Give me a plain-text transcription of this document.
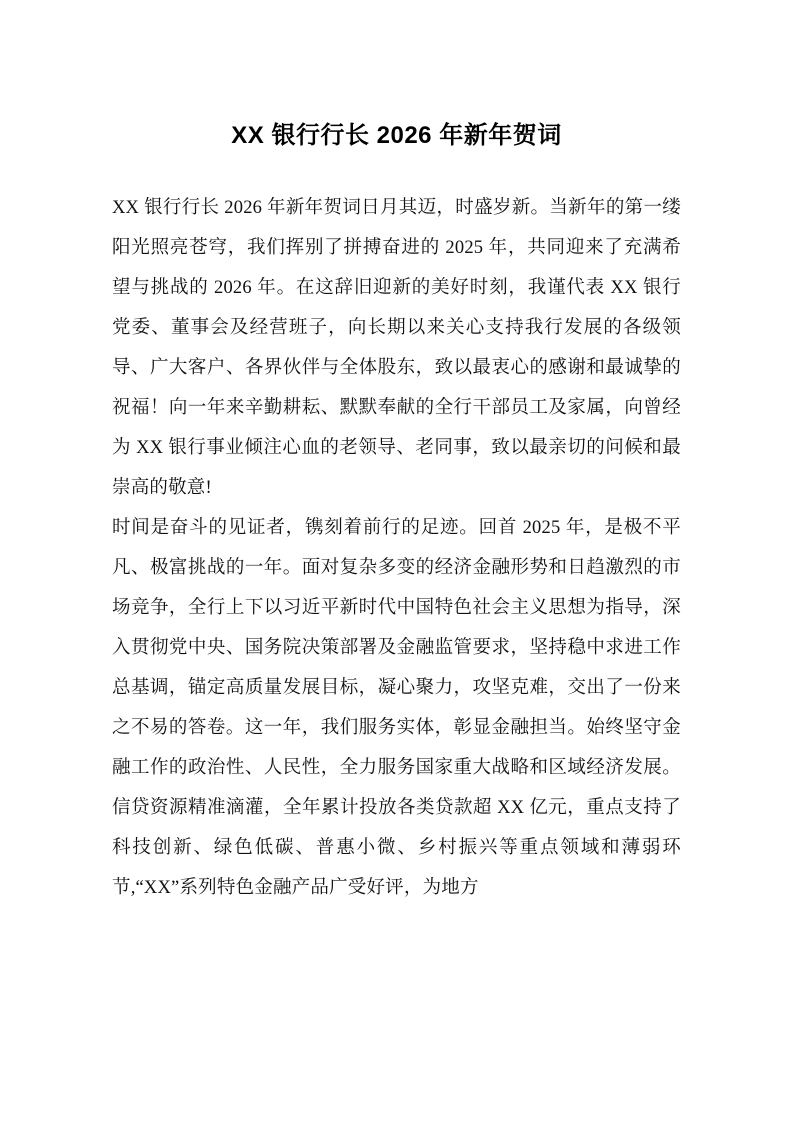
XX 银行行长 2026 年新年贺词

XX 银行行长 2026 年新年贺词日月其迈，时盛岁新。当新年的第一缕阳光照亮苍穹，我们挥别了拼搏奋进的 2025 年，共同迎来了充满希望与挑战的 2026 年。在这辞旧迎新的美好时刻，我谨代表 XX 银行党委、董事会及经营班子，向长期以来关心支持我行发展的各级领导、广大客户、各界伙伴与全体股东，致以最衷心的感谢和最诚挚的祝福！向一年来辛勤耕耘、默默奉献的全行干部员工及家属，向曾经为 XX 银行事业倾注心血的老领导、老同事，致以最亲切的问候和最崇高的敬意!

时间是奋斗的见证者，镌刻着前行的足迹。回首 2025 年，是极不平凡、极富挑战的一年。面对复杂多变的经济金融形势和日趋激烈的市场竞争，全行上下以习近平新时代中国特色社会主义思想为指导，深入贯彻党中央、国务院决策部署及金融监管要求，坚持稳中求进工作总基调，锚定高质量发展目标，凝心聚力，攻坚克难，交出了一份来之不易的答卷。这一年，我们服务实体，彰显金融担当。始终坚守金融工作的政治性、人民性，全力服务国家重大战略和区域经济发展。信贷资源精准滴灌，全年累计投放各类贷款超 XX 亿元，重点支持了科技创新、绿色低碳、普惠小微、乡村振兴等重点领域和薄弱环节,“XX”系列特色金融产品广受好评，为地方
